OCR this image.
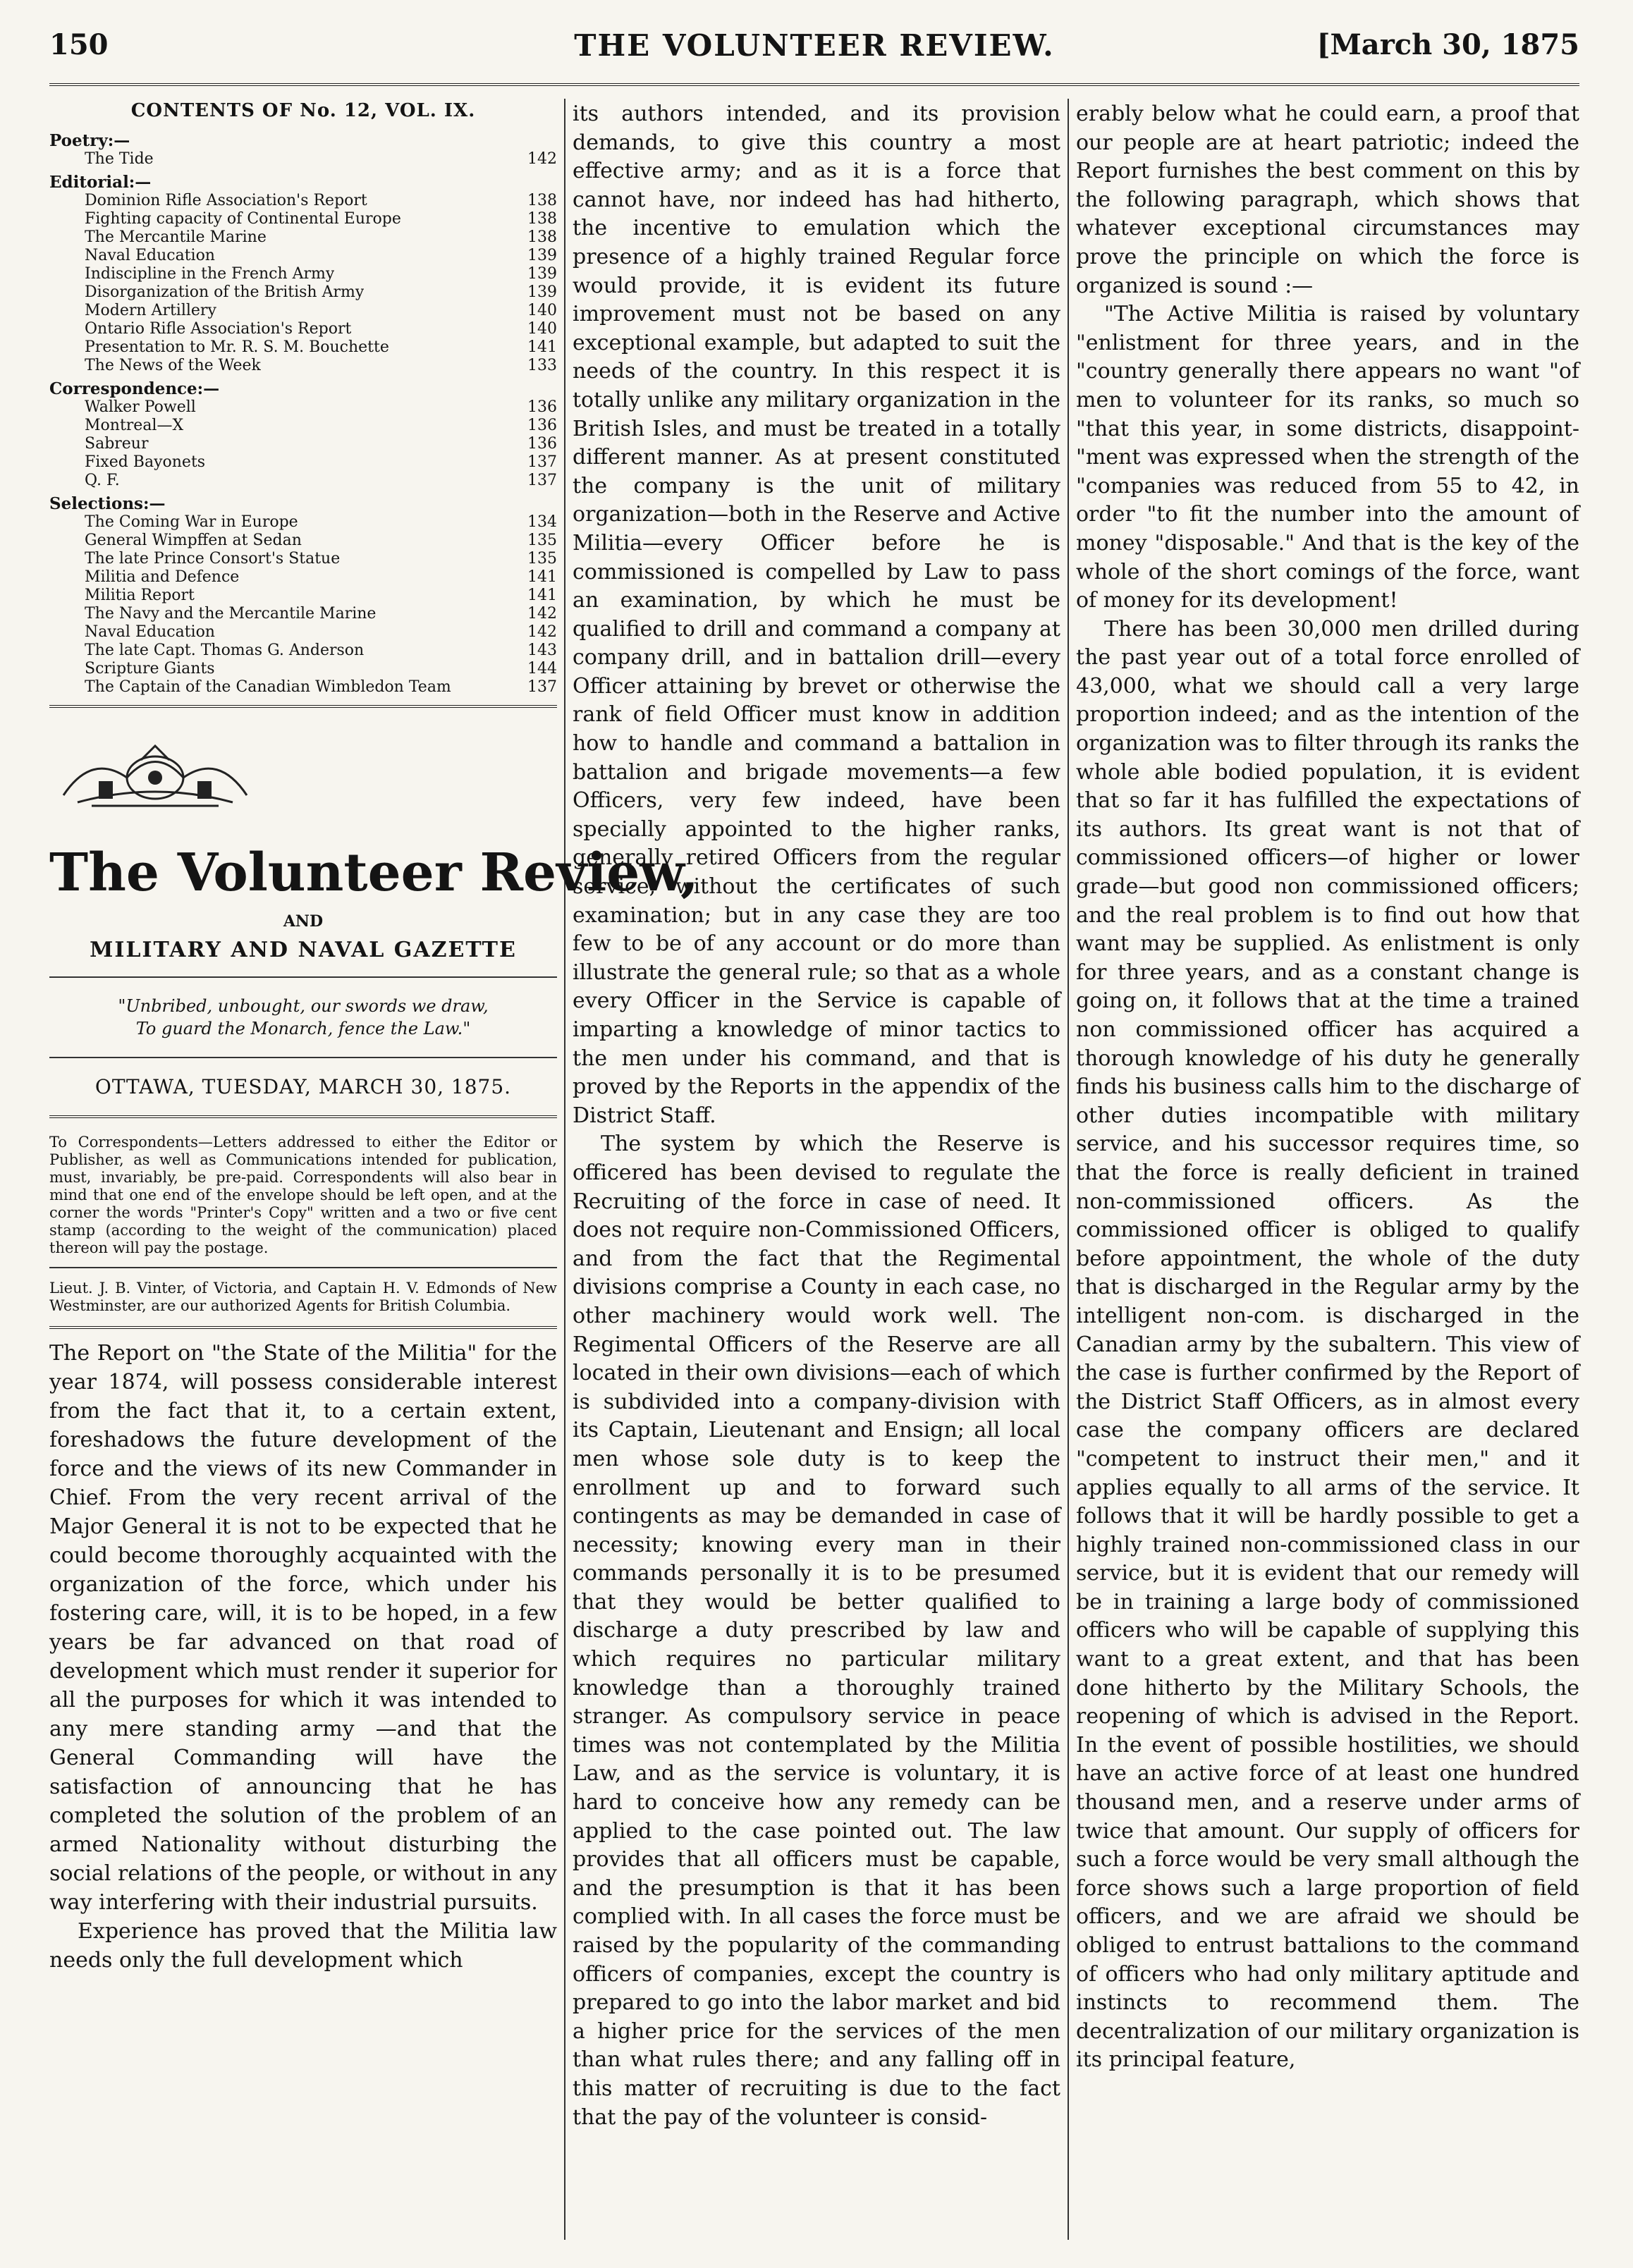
150	THE VOLUNTEER REVIEW.	[March 30, 1875
CONTENTS OF No. 12, VOL. IX.
Poetry:—
The Tide	142
Editorial:—
Dominion Rifle Association's Report	138
Fighting capacity of Continental Europe	138
The Mercantile Marine	138
Naval Education	139
Indiscipline in the French Army	139
Disorganization of the British Army	139
Modern Artillery	140
Ontario Rifle Association's Report	140
Presentation to Mr. R. S. M. Bouchette	141
The News of the Week	133
Correspondence:—
Walker Powell	136
Montreal—X	136
Sabreur	136
Fixed Bayonets	137
Q. F.	137
Selections:—
The Coming War in Europe	134
General Wimpffen at Sedan	135
The late Prince Consort's Statue	135
Militia and Defence	141
Militia Report	141
The Navy and the Mercantile Marine	142
Naval Education	142
The late Capt. Thomas G. Anderson	143
Scripture Giants	144
The Captain of the Canadian Wimbledon Team	137
The Volunteer Review,
AND
MILITARY AND NAVAL GAZETTE
"Unbribed, unbought, our swords we draw,
To guard the Monarch, fence the Law."
OTTAWA, TUESDAY, MARCH 30, 1875.
To Correspondents—Letters addressed to either the Editor or Publisher, as well as Communications intended for publication, must, invariably, be pre-paid. Correspondents will also bear in mind that one end of the envelope should be left open, and at the corner the words "Printer's Copy" written and a two or five cent stamp (according to the weight of the communication) placed thereon will pay the postage.
Lieut. J. B. Vinter, of Victoria, and Captain H. V. Edmonds of New Westminster, are our authorized Agents for British Columbia.

The Report on "the State of the Militia" for the year 1874, will possess considerable interest from the fact that it, to a certain extent, foreshadows the future development of the force and the views of its new Commander in Chief. From the very recent arrival of the Major General it is not to be expected that he could become thoroughly acquainted with the organization of the force, which under his fostering care, will, it is to be hoped, in a few years be far advanced on that road of development which must render it superior for all the purposes for which it was intended to any mere standing army —and that the General Commanding will have the satisfaction of announcing that he has completed the solution of the problem of an armed Nationality without disturbing the social relations of the people, or without in any way interfering with their industrial pursuits.

Experience has proved that the Militia law needs only the full development which

its authors intended, and its provision demands, to give this country a most effective army; and as it is a force that cannot have, nor indeed has had hitherto, the incentive to emulation which the presence of a highly trained Regular force would provide, it is evident its future improvement must not be based on any exceptional example, but adapted to suit the needs of the country. In this respect it is totally unlike any military organization in the British Isles, and must be treated in a totally different manner. As at present constituted the company is the unit of military organization—both in the Reserve and Active Militia—every Officer before he is commissioned is compelled by Law to pass an examination, by which he must be qualified to drill and command a company at company drill, and in battalion drill—every Officer attaining by brevet or otherwise the rank of field Officer must know in addition how to handle and command a battalion in battalion and brigade movements—a few Officers, very few indeed, have been specially appointed to the higher ranks, generally retired Officers from the regular service, without the certificates of such examination; but in any case they are too few to be of any account or do more than illustrate the general rule; so that as a whole every Officer in the Service is capable of imparting a knowledge of minor tactics to the men under his command, and that is proved by the Reports in the appendix of the District Staff.

The system by which the Reserve is officered has been devised to regulate the Recruiting of the force in case of need. It does not require non-Commissioned Officers, and from the fact that the Regimental divisions comprise a County in each case, no other machinery would work well. The Regimental Officers of the Reserve are all located in their own divisions—each of which is subdivided into a company-division with its Captain, Lieutenant and Ensign; all local men whose sole duty is to keep the enrollment up and to forward such contingents as may be demanded in case of necessity; knowing every man in their commands personally it is to be presumed that they would be better qualified to discharge a duty prescribed by law and which requires no particular military knowledge than a thoroughly trained stranger. As compulsory service in peace times was not contemplated by the Militia Law, and as the service is voluntary, it is hard to conceive how any remedy can be applied to the case pointed out. The law provides that all officers must be capable, and the presumption is that it has been complied with. In all cases the force must be raised by the popularity of the commanding officers of companies, except the country is prepared to go into the labor market and bid a higher price for the services of the men than what rules there; and any falling off in this matter of recruiting is due to the fact that the pay of the volunteer is consid-

erably below what he could earn, a proof that our people are at heart patriotic; indeed the Report furnishes the best comment on this by the following paragraph, which shows that whatever exceptional circumstances may prove the principle on which the force is organized is sound :—

"The Active Militia is raised by voluntary "enlistment for three years, and in the "country generally there appears no want "of men to volunteer for its ranks, so much so "that this year, in some districts, disappoint- "ment was expressed when the strength of the "companies was reduced from 55 to 42, in order "to fit the number into the amount of money "disposable." And that is the key of the whole of the short comings of the force, want of money for its development!

There has been 30,000 men drilled during the past year out of a total force enrolled of 43,000, what we should call a very large proportion indeed; and as the intention of the organization was to filter through its ranks the whole able bodied population, it is evident that so far it has fulfilled the expectations of its authors. Its great want is not that of commissioned officers—of higher or lower grade—but good non commissioned officers; and the real problem is to find out how that want may be supplied. As enlistment is only for three years, and as a constant change is going on, it follows that at the time a trained non commissioned officer has acquired a thorough knowledge of his duty he generally finds his business calls him to the discharge of other duties incompatible with military service, and his successor requires time, so that the force is really deficient in trained non-commissioned officers. As the commissioned officer is obliged to qualify before appointment, the whole of the duty that is discharged in the Regular army by the intelligent non-com. is discharged in the Canadian army by the subaltern. This view of the case is further confirmed by the Report of the District Staff Officers, as in almost every case the company officers are declared "competent to instruct their men," and it applies equally to all arms of the service. It follows that it will be hardly possible to get a highly trained non-commissioned class in our service, but it is evident that our remedy will be in training a large body of commissioned officers who will be capable of supplying this want to a great extent, and that has been done hitherto by the Military Schools, the reopening of which is advised in the Report. In the event of possible hostilities, we should have an active force of at least one hundred thousand men, and a reserve under arms of twice that amount. Our supply of officers for such a force would be very small although the force shows such a large proportion of field officers, and we are afraid we should be obliged to entrust battalions to the command of officers who had only military aptitude and instincts to recommend them. The decentralization of our military organization is its principal feature,
